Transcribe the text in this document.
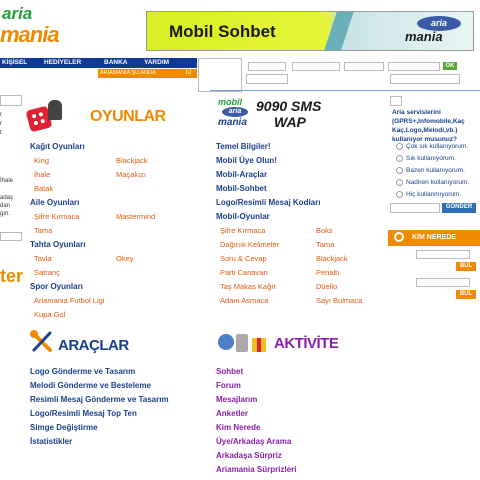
aria
mania	Mobil Sohbet	aria
mania
KİŞİSEL	HEDİYELER	BANKA	YARDIM
ARIAMANIA ŞU ANDA	Kİ
OK
r
r
t
İhale
adaş
dan
gın.
ter
OYUNLAR
Kağıt Oyunları
King	Blackjack
İhale	Maçakızı
Batak
Aile Oyunları
Şifre Kırmaca	Mastermind
Tama
Tahta Oyunları
Tavla	Okey
Satranç
Spor Oyunları
Ariamania Futbol Ligi
Kupa Gol
mobil
aria
mania
9090 SMS
WAP
Temel Bilgiler!
Mobil Üye Olun!
Mobil-Araçlar
Mobil-Sohbet
Logo/Resimli Mesaj Kodları
Mobil-Oyunlar
Şifre Kırmaca	Boks
Dağınık Kelimeler	Tama
Soru & Cevap	Blackjack
Parti Canavarı	Penaltı
Taş Makas Kağıt	Düello
Adam Asmaca	Sayı Bulmaca
ARAÇLAR
Logo Gönderme ve Tasarım
Melodi Gönderme ve Besteleme
Resimli Mesaj Gönderme ve Tasarım
Logo/Resimli Mesaj Top Ten
Simge Değiştirme
İstatistikler
AKTİVİTE
Sohbet
Forum
Mesajlarım
Anketler
Kim Nerede
Üye/Arkadaş Arama
Arkadaşa Sürpriz
Ariamania Sürprizleri
Aria servislerini (GPRS+,Infomobile,Kaç Kaç,Logo,Melodi,vb.) kullanıyor musunuz?
Çok sık kullanıyorum.
Sık kullanıyorum.
Bazen kullanıyorum.
Nadiren kullanıyorum.
Hiç kullanmıyorum.
GÖNDER
KİM NEREDE
BUL
BUL
